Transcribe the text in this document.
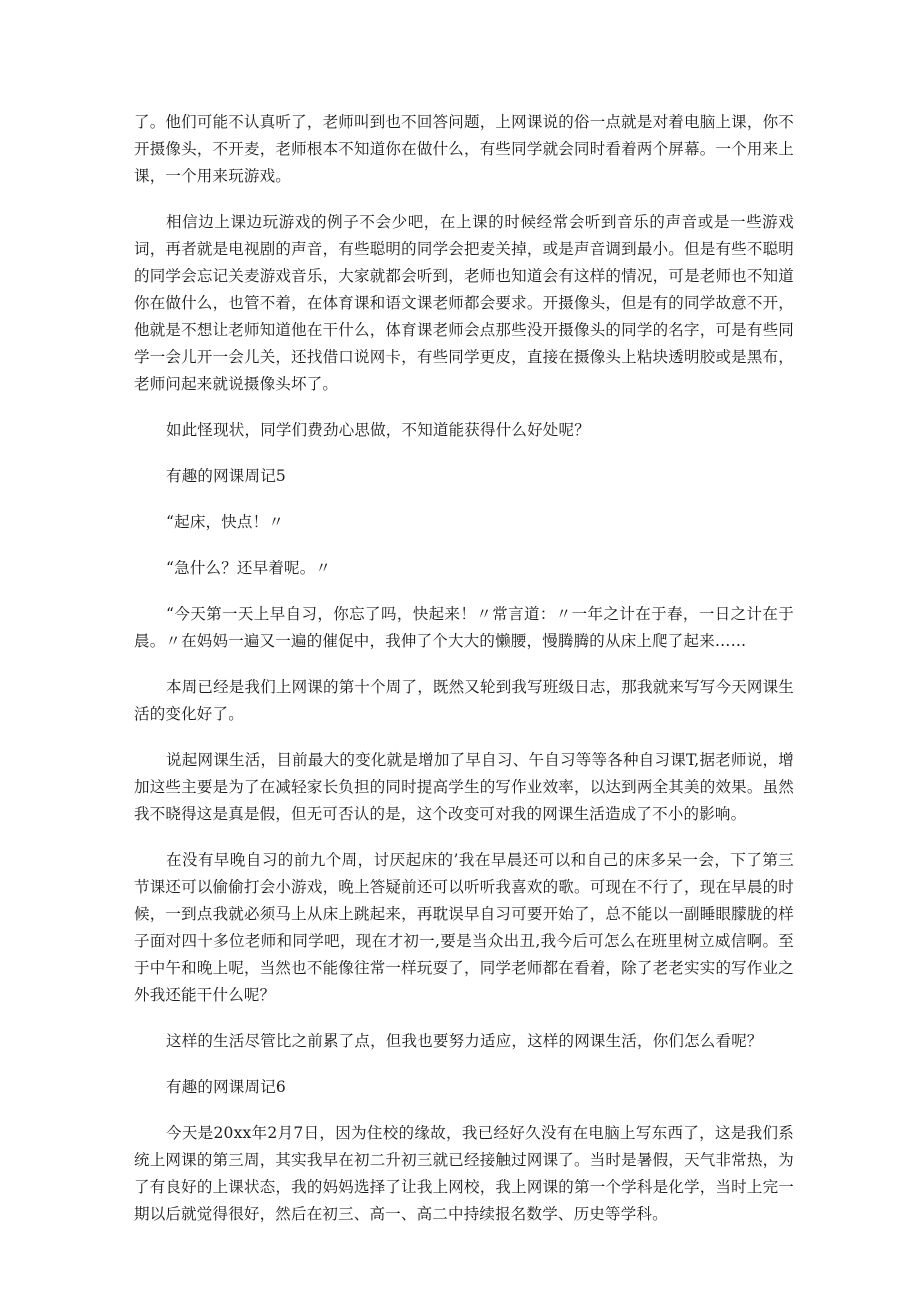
了。他们可能不认真听了，老师叫到也不回答问题，上网课说的俗一点就是对着电脑上课，你不开摄像头，不开麦，老师根本不知道你在做什么，有些同学就会同时看着两个屏幕。一个用来上课，一个用来玩游戏。

相信边上课边玩游戏的例子不会少吧，在上课的时候经常会听到音乐的声音或是一些游戏词，再者就是电视剧的声音，有些聪明的同学会把麦关掉，或是声音调到最小。但是有些不聪明的同学会忘记关麦游戏音乐，大家就都会听到，老师也知道会有这样的情况，可是老师也不知道你在做什么，也管不着，在体育课和语文课老师都会要求。开摄像头，但是有的同学故意不开，他就是不想让老师知道他在干什么，体育课老师会点那些没开摄像头的同学的名字，可是有些同学一会儿开一会儿关，还找借口说网卡，有些同学更皮，直接在摄像头上粘块透明胶或是黑布，老师问起来就说摄像头坏了。

如此怪现状，同学们费劲心思做，不知道能获得什么好处呢？

有趣的网课周记5

“起床，快点！〃

“急什么？还早着呢。〃

“今天第一天上早自习，你忘了吗，快起来！〃常言道：〃一年之计在于春，一日之计在于晨。〃在妈妈一遍又一遍的催促中，我伸了个大大的懒腰，慢腾腾的从床上爬了起来……

本周已经是我们上网课的第十个周了，既然又轮到我写班级日志，那我就来写写今天网课生活的变化好了。

说起网课生活，目前最大的变化就是增加了早自习、午自习等等各种自习课T,据老师说，增加这些主要是为了在减轻家长负担的同时提高学生的写作业效率，以达到两全其美的效果。虽然我不晓得这是真是假，但无可否认的是，这个改变可对我的网课生活造成了不小的影响。

在没有早晚自习的前九个周，讨厌起床的’我在早晨还可以和自己的床多呆一会，下了第三节课还可以偷偷打会小游戏，晚上答疑前还可以听听我喜欢的歌。可现在不行了，现在早晨的时候，一到点我就必须马上从床上跳起来，再耽误早自习可要开始了，总不能以一副睡眼朦胧的样子面对四十多位老师和同学吧，现在才初一,要是当众出丑,我今后可怎么在班里树立威信啊。至于中午和晚上呢，当然也不能像往常一样玩耍了，同学老师都在看着，除了老老实实的写作业之外我还能干什么呢？

这样的生活尽管比之前累了点，但我也要努力适应，这样的网课生活，你们怎么看呢？

有趣的网课周记6

今天是20xx年2月7日，因为住校的缘故，我已经好久没有在电脑上写东西了，这是我们系统上网课的第三周，其实我早在初二升初三就已经接触过网课了。当时是暑假，天气非常热，为了有良好的上课状态，我的妈妈选择了让我上网校，我上网课的第一个学科是化学，当时上完一期以后就觉得很好，然后在初三、高一、高二中持续报名数学、历史等学科。
